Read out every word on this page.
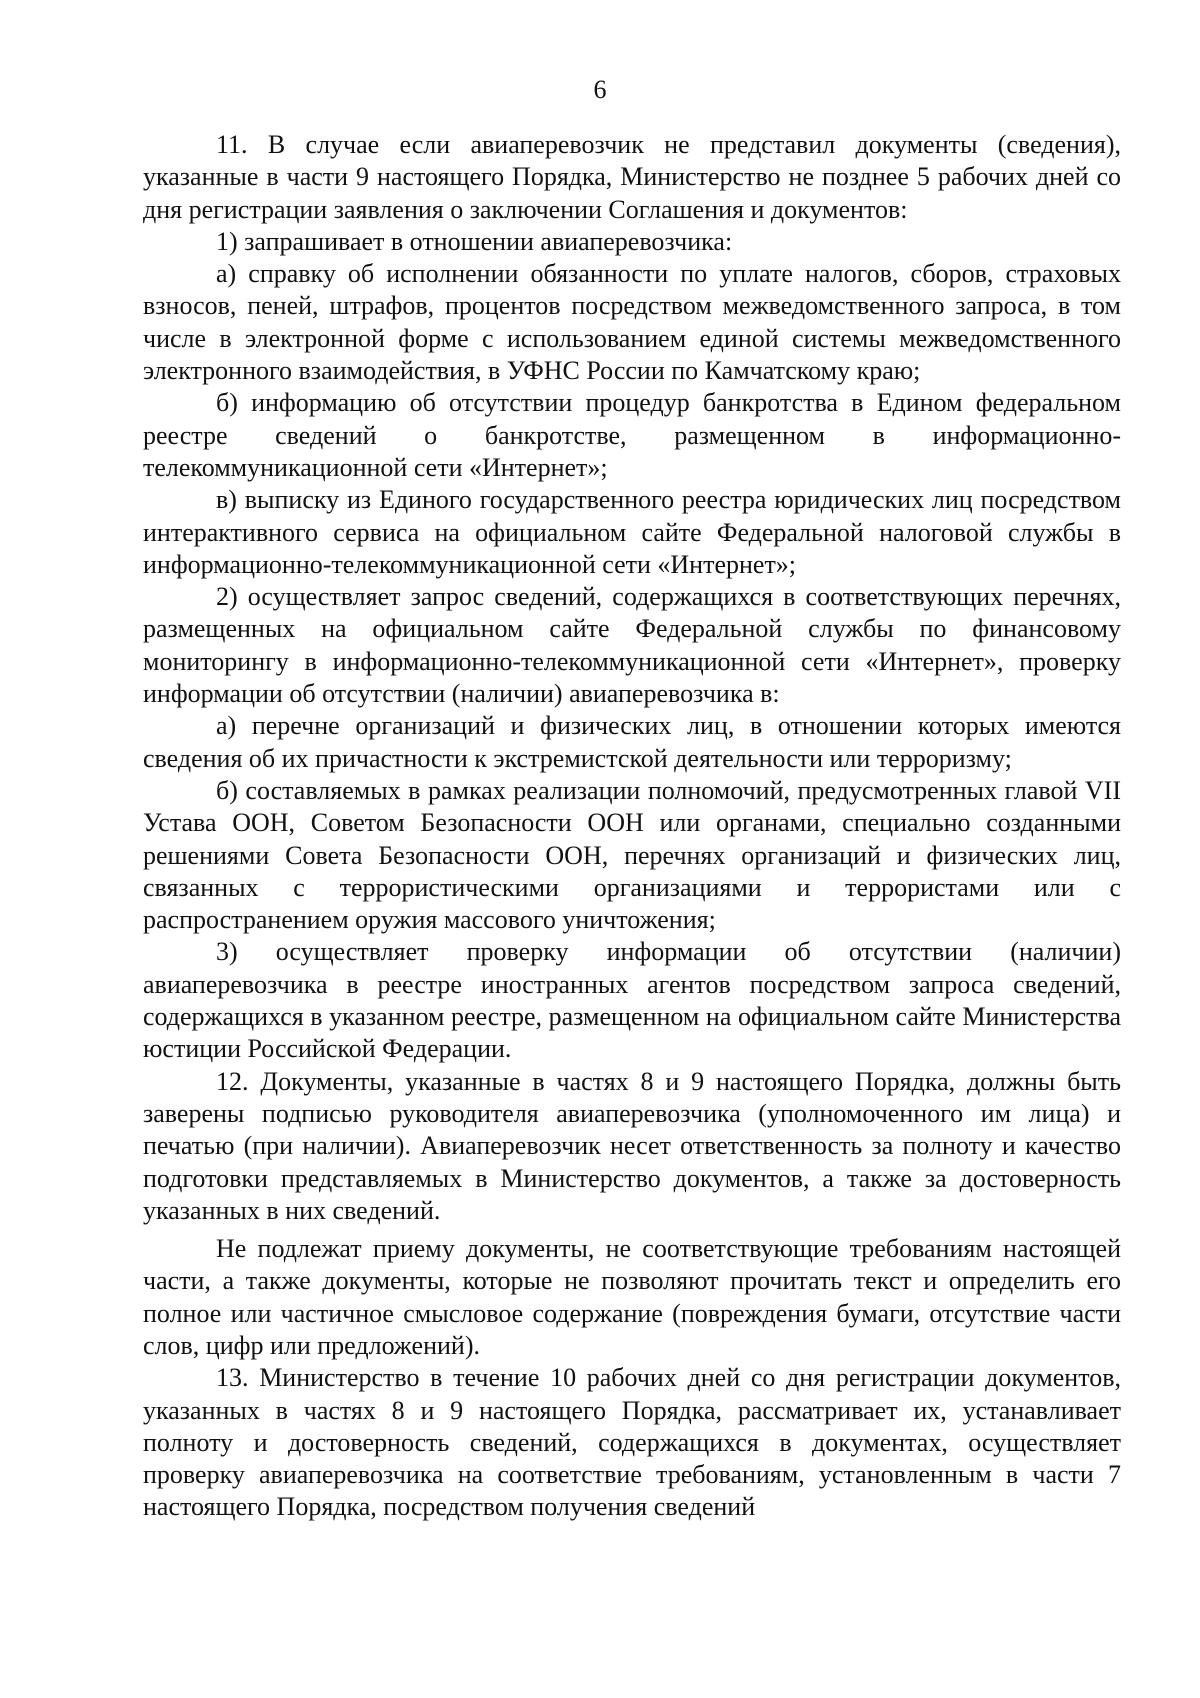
6

11. В случае если авиаперевозчик не представил документы (сведения), указанные в части 9 настоящего Порядка, Министерство не позднее 5 рабочих дней со дня регистрации заявления о заключении Соглашения и документов:

1) запрашивает в отношении авиаперевозчика:

а) справку об исполнении обязанности по уплате налогов, сборов, страховых взносов, пеней, штрафов, процентов посредством межведомственного запроса, в том числе в электронной форме с использованием единой системы межведомственного электронного взаимодействия, в УФНС России по Камчатскому краю;

б) информацию об отсутствии процедур банкротства в Едином федеральном реестре сведений о банкротстве, размещенном в информационно-телекоммуникационной сети «Интернет»;

в) выписку из Единого государственного реестра юридических лиц посредством интерактивного сервиса на официальном сайте Федеральной налоговой службы в информационно-телекоммуникационной сети «Интернет»;

2) осуществляет запрос сведений, содержащихся в соответствующих перечнях, размещенных на официальном сайте Федеральной службы по финансовому мониторингу в информационно-телекоммуникационной сети «Интернет», проверку информации об отсутствии (наличии) авиаперевозчика в:

а) перечне организаций и физических лиц, в отношении которых имеются сведения об их причастности к экстремистской деятельности или терроризму;

б) составляемых в рамках реализации полномочий, предусмотренных главой VII Устава ООН, Советом Безопасности ООН или органами, специально созданными решениями Совета Безопасности ООН, перечнях организаций и физических лиц, связанных с террористическими организациями и террористами или с распространением оружия массового уничтожения;

3) осуществляет проверку информации об отсутствии (наличии) авиаперевозчика в реестре иностранных агентов посредством запроса сведений, содержащихся в указанном реестре, размещенном на официальном сайте Министерства юстиции Российской Федерации.

12. Документы, указанные в частях 8 и 9 настоящего Порядка, должны быть заверены подписью руководителя авиаперевозчика (уполномоченного им лица) и печатью (при наличии). Авиаперевозчик несет ответственность за полноту и качество подготовки представляемых в Министерство документов, а также за достоверность указанных в них сведений.

Не подлежат приему документы, не соответствующие требованиям настоящей части, а также документы, которые не позволяют прочитать текст и определить его полное или частичное смысловое содержание (повреждения бумаги, отсутствие части слов, цифр или предложений).

13. Министерство в течение 10 рабочих дней со дня регистрации документов, указанных в частях 8 и 9 настоящего Порядка, рассматривает их, устанавливает полноту и достоверность сведений, содержащихся в документах, осуществляет проверку авиаперевозчика на соответствие требованиям, установленным в части 7 настоящего Порядка, посредством получения сведений
